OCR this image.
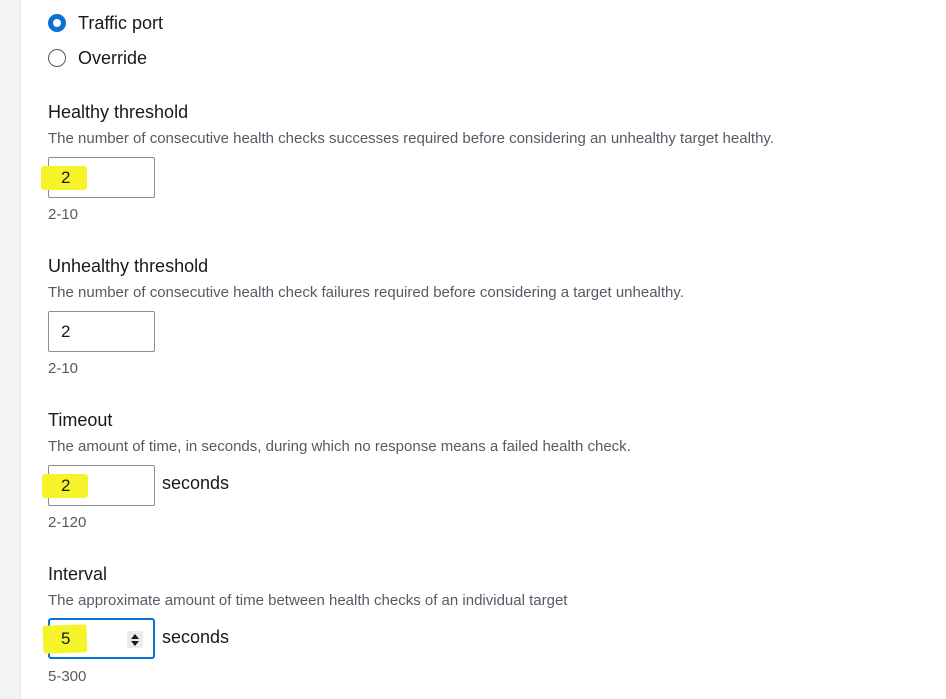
Traffic port
Override
Healthy threshold
The number of consecutive health checks successes required before considering an unhealthy target healthy.
2
2-10
Unhealthy threshold
The number of consecutive health check failures required before considering a target unhealthy.
2
2-10
Timeout
The amount of time, in seconds, during which no response means a failed health check.
2	seconds
2-120
Interval
The approximate amount of time between health checks of an individual target
5	seconds
5-300
